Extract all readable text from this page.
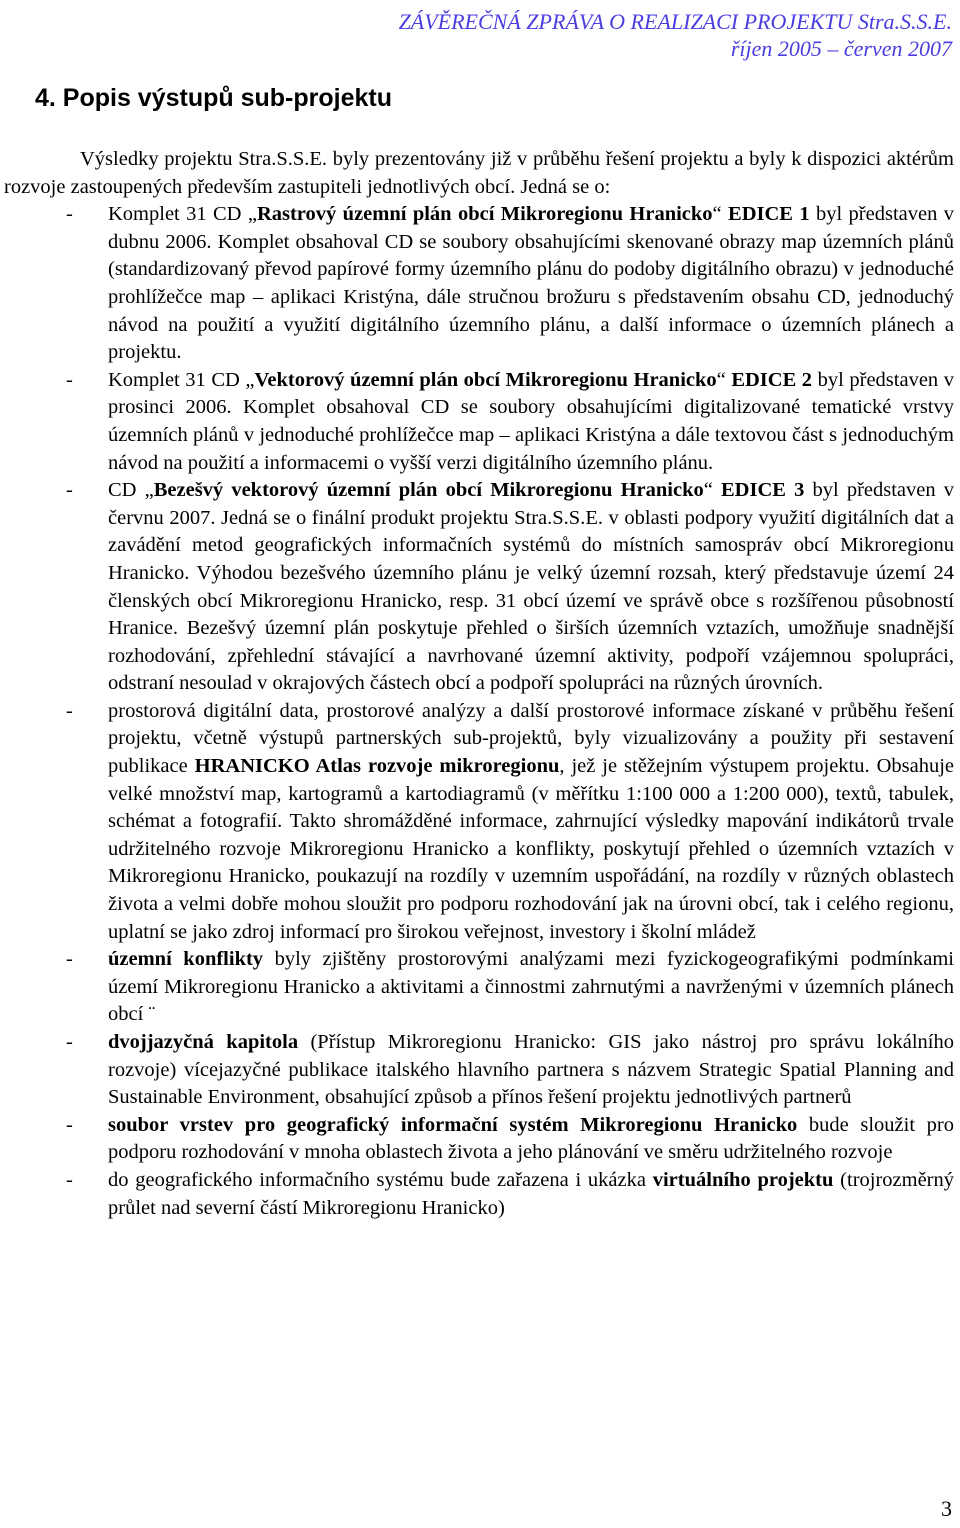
ZÁVĚREČNÁ ZPRÁVA O REALIZACI PROJEKTU Stra.S.S.E.
říjen 2005 – červen 2007
4. Popis výstupů sub-projektu

Výsledky projektu Stra.S.S.E. byly prezentovány již v průběhu řešení projektu a byly k dispozici aktérům rozvoje zastoupených především zastupiteli jednotlivých obcí. Jedná se o:

- Komplet 31 CD „Rastrový územní plán obcí Mikroregionu Hranicko“ EDICE 1 byl představen v dubnu 2006. Komplet obsahoval CD se soubory obsahujícími skenované obrazy map územních plánů (standardizovaný převod papírové formy územního plánu do podoby digitálního obrazu) v jednoduché prohlížečce map – aplikaci Kristýna, dále stručnou brožuru s představením obsahu CD, jednoduchý návod na použití a využití digitálního územního plánu, a další informace o územních plánech a projektu.
- Komplet 31 CD „Vektorový územní plán obcí Mikroregionu Hranicko“ EDICE 2 byl představen v prosinci 2006. Komplet obsahoval CD se soubory obsahujícími digitalizované tematické vrstvy územních plánů v jednoduché prohlížečce map – aplikaci Kristýna a dále textovou část s jednoduchým návod na použití a informacemi o vyšší verzi digitálního územního plánu.
- CD „Bezešvý vektorový územní plán obcí Mikroregionu Hranicko“ EDICE 3 byl představen v červnu 2007. Jedná se o finální produkt projektu Stra.S.S.E. v oblasti podpory využití digitálních dat a zavádění metod geografických informačních systémů do místních samospráv obcí Mikroregionu Hranicko. Výhodou bezešvého územního plánu je velký územní rozsah, který představuje území 24 členských obcí Mikroregionu Hranicko, resp. 31 obcí území ve správě obce s rozšířenou působností Hranice. Bezešvý územní plán poskytuje přehled o širších územních vztazích, umožňuje snadnější rozhodování, zpřehlední stávající a navrhované územní aktivity, podpoří vzájemnou spolupráci, odstraní nesoulad v okrajových částech obcí a podpoří spolupráci na různých úrovních.
- prostorová digitální data, prostorové analýzy a další prostorové informace získané v průběhu řešení projektu, včetně výstupů partnerských sub-projektů, byly vizualizovány a použity při sestavení publikace HRANICKO Atlas rozvoje mikroregionu, jež je stěžejním výstupem projektu. Obsahuje velké množství map, kartogramů a kartodiagramů (v měřítku 1:100 000 a 1:200 000), textů, tabulek, schémat a fotografií. Takto shromážděné informace, zahrnující výsledky mapování indikátorů trvale udržitelného rozvoje Mikroregionu Hranicko a konflikty, poskytují přehled o územních vztazích v Mikroregionu Hranicko, poukazují na rozdíly v uzemním uspořádání, na rozdíly v různých oblastech života a velmi dobře mohou sloužit pro podporu rozhodování jak na úrovni obcí, tak i celého regionu, uplatní se jako zdroj informací pro širokou veřejnost, investory i školní mládež
- územní konflikty byly zjištěny prostorovými analýzami mezi fyzickogeografikými podmínkami území Mikroregionu Hranicko a aktivitami a činnostmi zahrnutými a navrženými v územních plánech obcí ¨
- dvojjazyčná kapitola (Přístup Mikroregionu Hranicko: GIS jako nástroj pro správu lokálního rozvoje) vícejazyčné publikace italského hlavního partnera s názvem Strategic Spatial Planning and Sustainable Environment, obsahující způsob a přínos řešení projektu jednotlivých partnerů
- soubor vrstev pro geografický informační systém Mikroregionu Hranicko bude sloužit pro podporu rozhodování v mnoha oblastech života a jeho plánování ve směru udržitelného rozvoje
- do geografického informačního systému bude zařazena i ukázka virtuálního projektu (trojrozměrný průlet nad severní částí Mikroregionu Hranicko)
3
